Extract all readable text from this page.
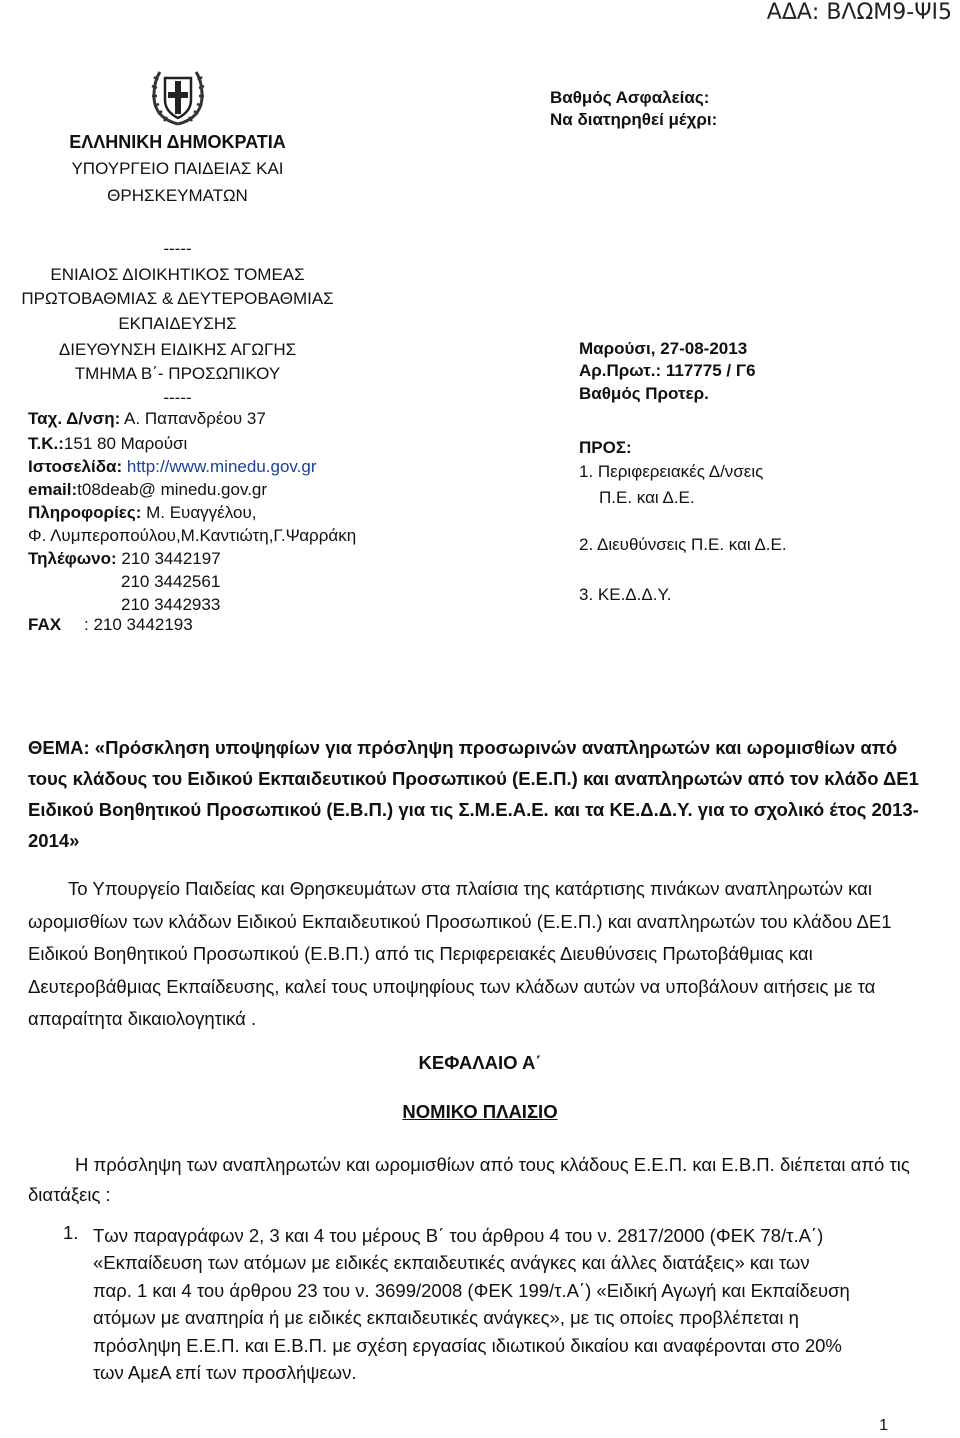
ΑΔΑ: ΒΛΩΜ9-ΨΙ5
ΕΛΛΗΝΙΚΗ ΔΗΜΟΚΡΑΤΙΑ
ΥΠΟΥΡΓΕΙΟ ΠΑΙΔΕΙΑΣ ΚΑΙ
ΘΡΗΣΚΕΥΜΑΤΩΝ
-----
ΕΝΙΑΙΟΣ ΔΙΟΙΚΗΤΙΚΟΣ ΤΟΜΕΑΣ
ΠΡΩΤΟΒΑΘΜΙΑΣ & ΔΕΥΤΕΡΟΒΑΘΜΙΑΣ
ΕΚΠΑΙΔΕΥΣΗΣ
ΔΙΕΥΘΥΝΣΗ ΕΙΔΙΚΗΣ ΑΓΩΓΗΣ
ΤΜΗΜΑ Β΄- ΠΡΟΣΩΠΙΚΟΥ
-----
Ταχ. Δ/νση: Α. Παπανδρέου 37
Τ.Κ.:151 80 Μαρούσι
Ιστοσελίδα: http://www.minedu.gov.gr
email:t08deab@ minedu.gov.gr
Πληροφορίες: Μ. Ευαγγέλου,
Φ. Λυμπεροπούλου,Μ.Καντιώτη,Γ.Ψαρράκη
Τηλέφωνο: 210 3442197
210 3442561
210 3442933
FAX : 210 3442193
Βαθμός Ασφαλείας:
Να διατηρηθεί μέχρι:
Μαρούσι, 27-08-2013
Αρ.Πρωτ.: 117775 / Γ6
Βαθμός Προτερ.
ΠΡΟΣ:
1. Περιφερειακές Δ/νσεις
Π.Ε. και Δ.Ε.
2. Διευθύνσεις Π.Ε. και Δ.Ε.
3. ΚΕ.Δ.Δ.Υ.
ΘΕΜΑ: «Πρόσκληση υποψηφίων για πρόσληψη προσωρινών αναπληρωτών και ωρομισθίων από τους κλάδους του Ειδικού Εκπαιδευτικού Προσωπικού (Ε.Ε.Π.) και αναπληρωτών από τον κλάδο ΔΕ1 Ειδικού Βοηθητικού Προσωπικού (Ε.Β.Π.) για τις Σ.Μ.Ε.Α.Ε. και τα ΚΕ.Δ.Δ.Υ. για το σχολικό έτος 2013-2014»
Το Υπουργείο Παιδείας και Θρησκευμάτων στα πλαίσια της κατάρτισης πινάκων αναπληρωτών και ωρομισθίων των κλάδων Ειδικού Εκπαιδευτικού Προσωπικού (Ε.Ε.Π.) και αναπληρωτών του κλάδου ΔΕ1 Ειδικού Βοηθητικού Προσωπικού (Ε.Β.Π.) από τις Περιφερειακές Διευθύνσεις Πρωτοβάθμιας και Δευτεροβάθμιας Εκπαίδευσης, καλεί τους υποψηφίους των κλάδων αυτών να υποβάλουν αιτήσεις με τα απαραίτητα δικαιολογητικά .
ΚΕΦΑΛΑΙΟ Α΄
ΝΟΜΙΚΟ ΠΛΑΙΣΙΟ
Η πρόσληψη των αναπληρωτών και ωρομισθίων από τους κλάδους Ε.Ε.Π. και Ε.Β.Π. διέπεται από τις διατάξεις :
1. Των παραγράφων 2, 3 και 4 του μέρους Β΄ του άρθρου 4 του ν. 2817/2000 (ΦΕΚ 78/τ.Α΄) «Εκπαίδευση των ατόμων με ειδικές εκπαιδευτικές ανάγκες και άλλες διατάξεις» και των παρ. 1 και 4 του άρθρου 23 του ν. 3699/2008 (ΦΕΚ 199/τ.Α΄) «Ειδική Αγωγή και Εκπαίδευση ατόμων με αναπηρία ή με ειδικές εκπαιδευτικές ανάγκες», με τις οποίες προβλέπεται η πρόσληψη Ε.Ε.Π. και Ε.Β.Π. με σχέση εργασίας ιδιωτικού δικαίου και αναφέρονται στο 20% των ΑμεΑ επί των προσλήψεων.
1
